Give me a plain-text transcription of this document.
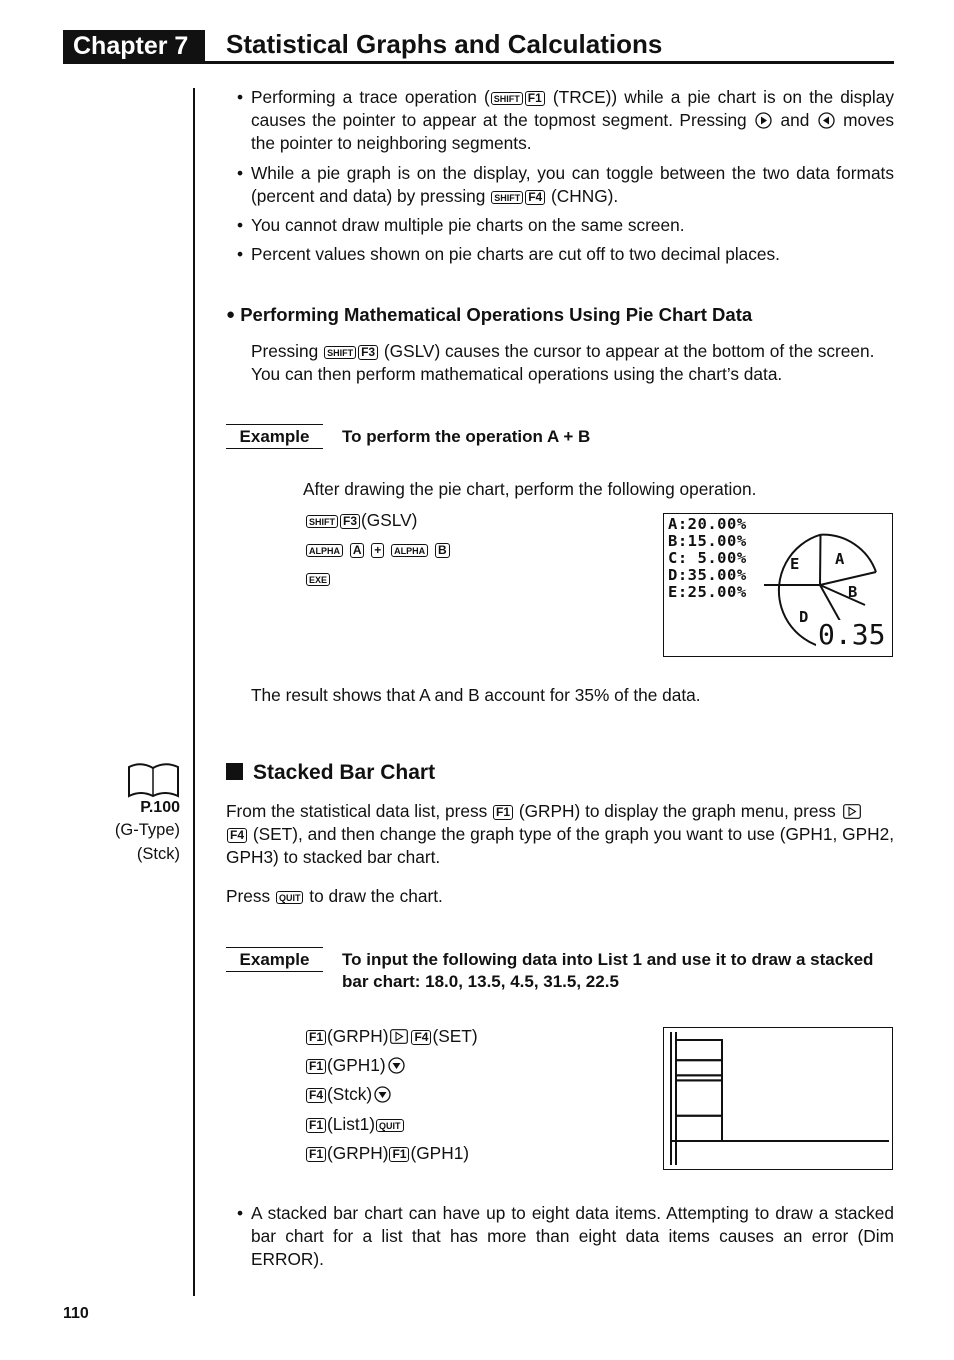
Chapter 7	Statistical Graphs and Calculations
• Performing a trace operation ( SHIFT F1 (TRCE)) while a pie chart is on the display causes the pointer to appear at the topmost segment. Pressing  and  moves the pointer to neighboring segments.
• While a pie graph is on the display, you can toggle between the two data formats (percent and data) by pressing SHIFT F4 (CHNG).
• You cannot draw multiple pie charts on the same screen.
• Percent values shown on pie charts are cut off to two decimal places.
● Performing Mathematical Operations Using Pie Chart Data
Pressing SHIFT F3 (GSLV) causes the cursor to appear at the bottom of the screen.
You can then perform mathematical operations using the chart’s data.
Example	To perform the operation A + B
After drawing the pie chart, perform the following operation.
SHIFT F3 (GSLV)
ALPHA A + ALPHA B
EXE
A:20.00%
B:15.00%
C: 5.00%
D:35.00%
E:25.00%
A
B
D
E
0.35
The result shows that A and B account for 35% of the data.
P.100
(G-Type)
(Stck)
Stacked Bar Chart
From the statistical data list, press F1 (GRPH) to display the graph menu, press
F4 (SET), and then change the graph type of the graph you want to use (GPH1, GPH2, GPH3) to stacked bar chart.
Press QUIT to draw the chart.
Example	To input the following data into List 1 and use it to draw a stacked bar chart: 18.0, 13.5, 4.5, 31.5, 22.5
F1 (GRPH) F4 (SET)
F1 (GPH1)
F4 (Stck)
F1 (List1) QUIT
F1 (GRPH) F1 (GPH1)
• A stacked bar chart can have up to eight data items. Attempting to draw a stacked bar chart for a list that has more than eight data items causes an error (Dim ERROR).
110
